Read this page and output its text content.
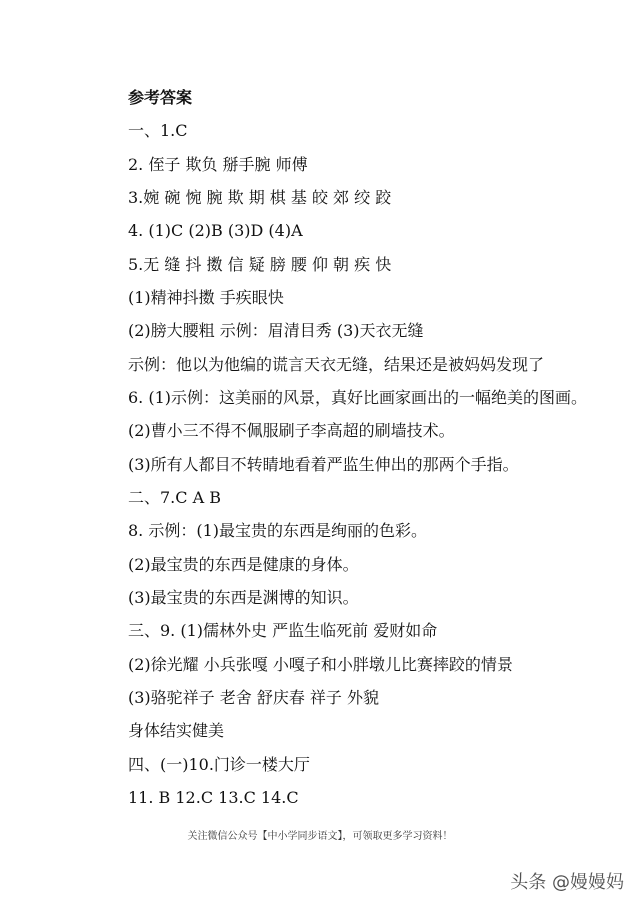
参考答案
一、1.C
2. 侄子 欺负 掰手腕 师傅
3.婉 碗 惋 腕 欺 期 棋 基 皎 郊 绞 跤
4. (1)C (2)B (3)D (4)A
5.无 缝 抖 擞 信 疑 膀 腰 仰 朝 疾 快
(1)精神抖擞 手疾眼快
(2)膀大腰粗 示例：眉清目秀 (3)天衣无缝
示例：他以为他编的谎言天衣无缝，结果还是被妈妈发现了
6. (1)示例：这美丽的风景，真好比画家画出的一幅绝美的图画。
(2)曹小三不得不佩服刷子李高超的刷墙技术。
(3)所有人都目不转睛地看着严监生伸出的那两个手指。
二、7.C A B
8. 示例：(1)最宝贵的东西是绚丽的色彩。
(2)最宝贵的东西是健康的身体。
(3)最宝贵的东西是渊博的知识。
三、9. (1)儒林外史 严监生临死前 爱财如命
(2)徐光耀 小兵张嘎 小嘎子和小胖墩儿比赛摔跤的情景
(3)骆驼祥子 老舍 舒庆春 祥子 外貌
身体结实健美
四、(一)10.门诊一楼大厅
11. B 12.C 13.C 14.C
关注微信公众号【中小学同步语文】，可领取更多学习资料！
头条 @嫚嫚妈
